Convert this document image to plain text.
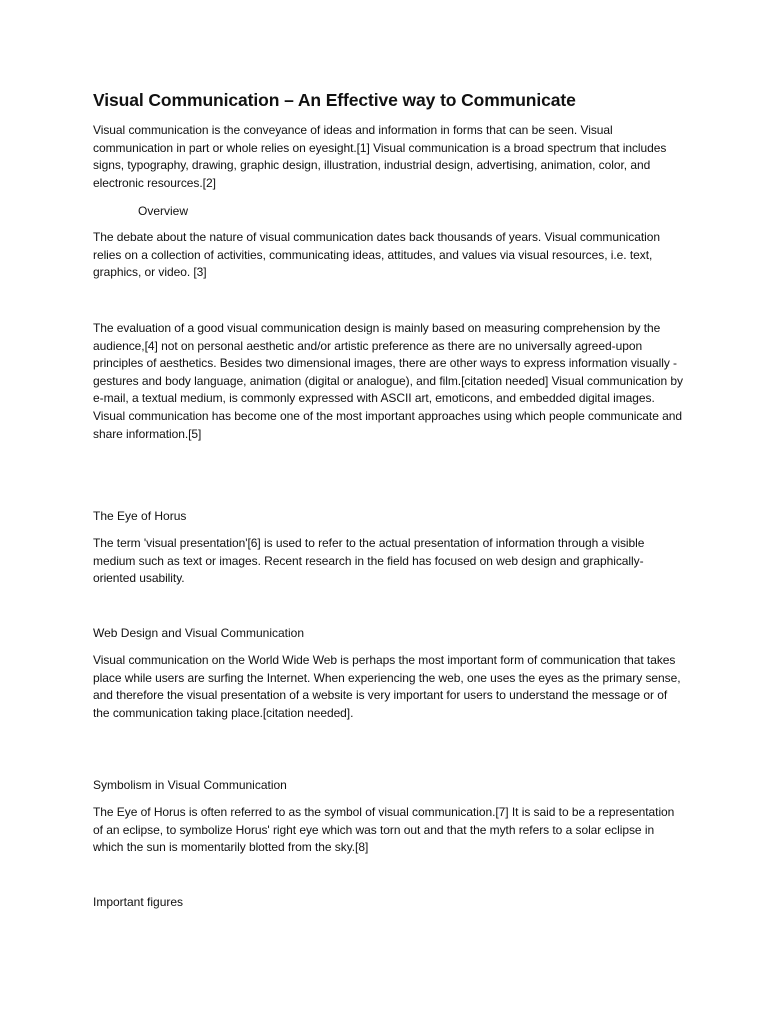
Visual Communication – An Effective way to Communicate

Visual communication is the conveyance of ideas and information in forms that can be seen. Visual communication in part or whole relies on eyesight.[1] Visual communication is a broad spectrum that includes signs, typography, drawing, graphic design, illustration, industrial design, advertising, animation, color, and electronic resources.[2]

Overview

The debate about the nature of visual communication dates back thousands of years. Visual communication relies on a collection of activities, communicating ideas, attitudes, and values via visual resources, i.e. text, graphics, or video. [3]

The evaluation of a good visual communication design is mainly based on measuring comprehension by the audience,[4] not on personal aesthetic and/or artistic preference as there are no universally agreed-upon principles of aesthetics. Besides two dimensional images, there are other ways to express information visually - gestures and body language, animation (digital or analogue), and film.[citation needed] Visual communication by e-mail, a textual medium, is commonly expressed with ASCII art, emoticons, and embedded digital images. Visual communication has become one of the most important approaches using which people communicate and share information.[5]

The Eye of Horus

The term 'visual presentation'[6] is used to refer to the actual presentation of information through a visible medium such as text or images. Recent research in the field has focused on web design and graphically-oriented usability.

Web Design and Visual Communication

Visual communication on the World Wide Web is perhaps the most important form of communication that takes place while users are surfing the Internet. When experiencing the web, one uses the eyes as the primary sense, and therefore the visual presentation of a website is very important for users to understand the message or of the communication taking place.[citation needed].

Symbolism in Visual Communication

The Eye of Horus is often referred to as the symbol of visual communication.[7] It is said to be a representation of an eclipse, to symbolize Horus' right eye which was torn out and that the myth refers to a solar eclipse in which the sun is momentarily blotted from the sky.[8]

Important figures
